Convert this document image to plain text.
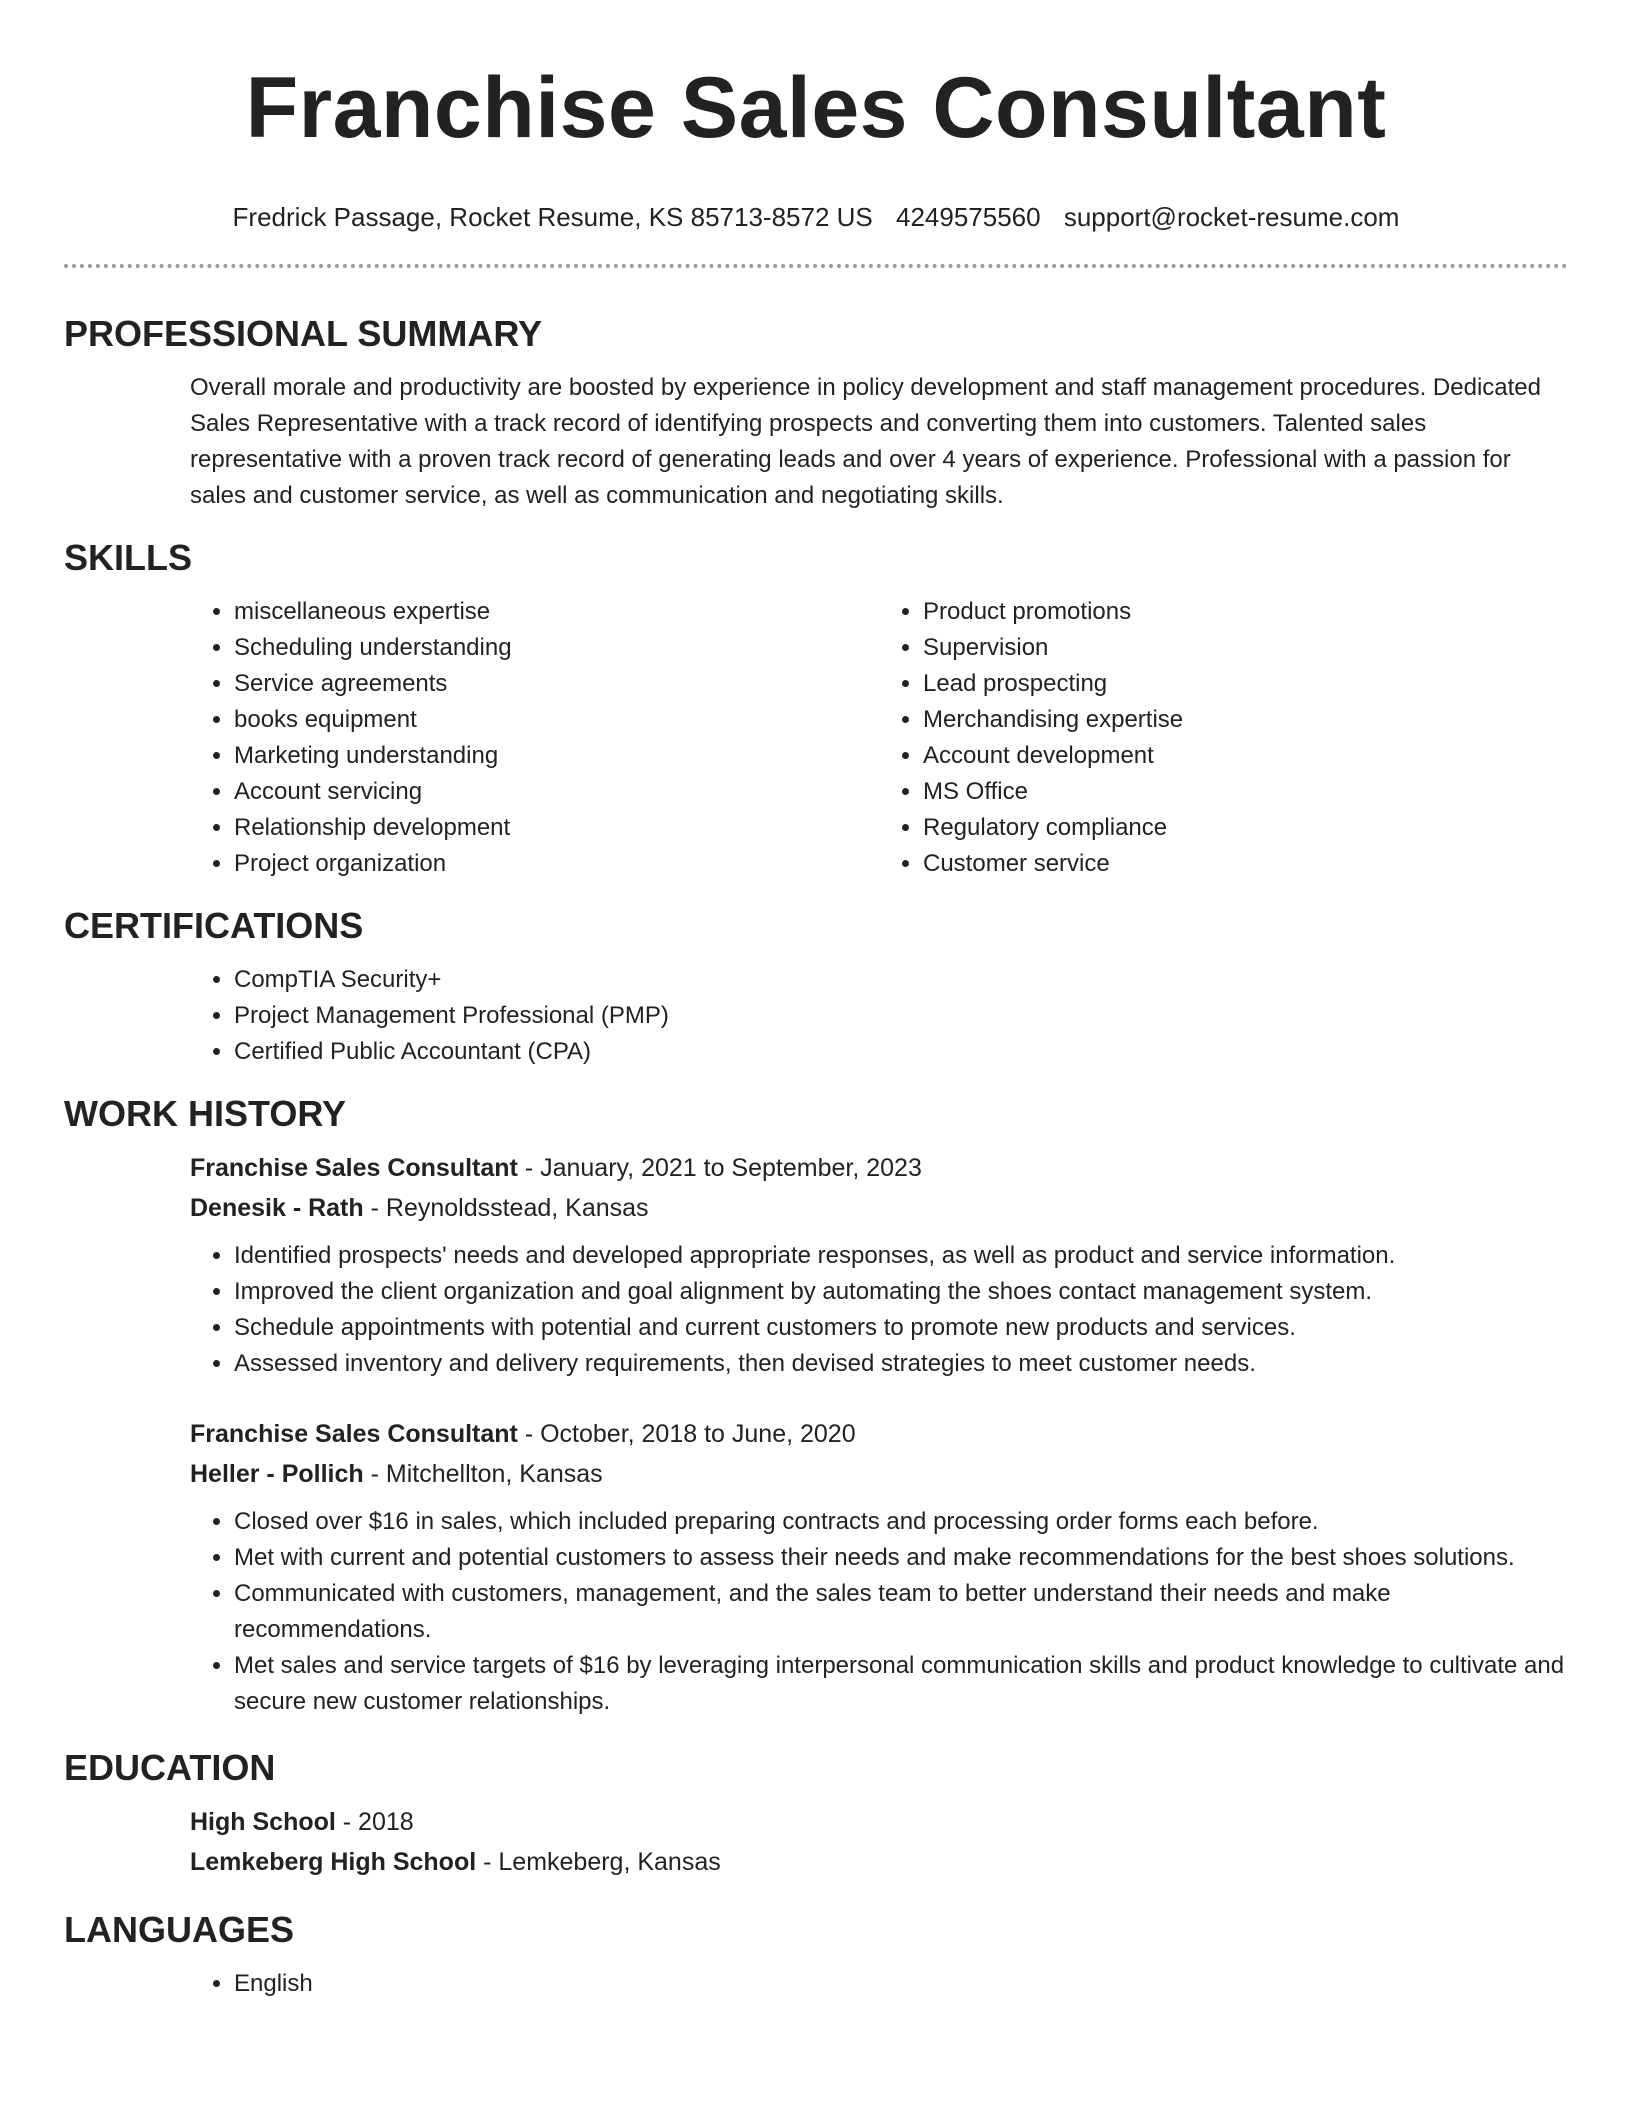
Franchise Sales Consultant
Fredrick Passage, Rocket Resume, KS 85713-8572 US 4249575560 support@rocket-resume.com
PROFESSIONAL SUMMARY

Overall morale and productivity are boosted by experience in policy development and staff management procedures. Dedicated Sales Representative with a track record of identifying prospects and converting them into customers. Talented sales representative with a proven track record of generating leads and over 4 years of experience. Professional with a passion for sales and customer service, as well as communication and negotiating skills.

SKILLS
• miscellaneous expertise
• Scheduling understanding
• Service agreements
• books equipment
• Marketing understanding
• Account servicing
• Relationship development
• Project organization
• Product promotions
• Supervision
• Lead prospecting
• Merchandising expertise
• Account development
• MS Office
• Regulatory compliance
• Customer service
CERTIFICATIONS
• CompTIA Security+
• Project Management Professional (PMP)
• Certified Public Accountant (CPA)
WORK HISTORY
Franchise Sales Consultant - January, 2021 to September, 2023
Denesik - Rath - Reynoldsstead, Kansas
• Identified prospects' needs and developed appropriate responses, as well as product and service information.
• Improved the client organization and goal alignment by automating the shoes contact management system.
• Schedule appointments with potential and current customers to promote new products and services.
• Assessed inventory and delivery requirements, then devised strategies to meet customer needs.
Franchise Sales Consultant - October, 2018 to June, 2020
Heller - Pollich - Mitchellton, Kansas
• Closed over $16 in sales, which included preparing contracts and processing order forms each before.
• Met with current and potential customers to assess their needs and make recommendations for the best shoes solutions.
• Communicated with customers, management, and the sales team to better understand their needs and make recommendations.
• Met sales and service targets of $16 by leveraging interpersonal communication skills and product knowledge to cultivate and secure new customer relationships.
EDUCATION
High School - 2018
Lemkeberg High School - Lemkeberg, Kansas
LANGUAGES
• English
